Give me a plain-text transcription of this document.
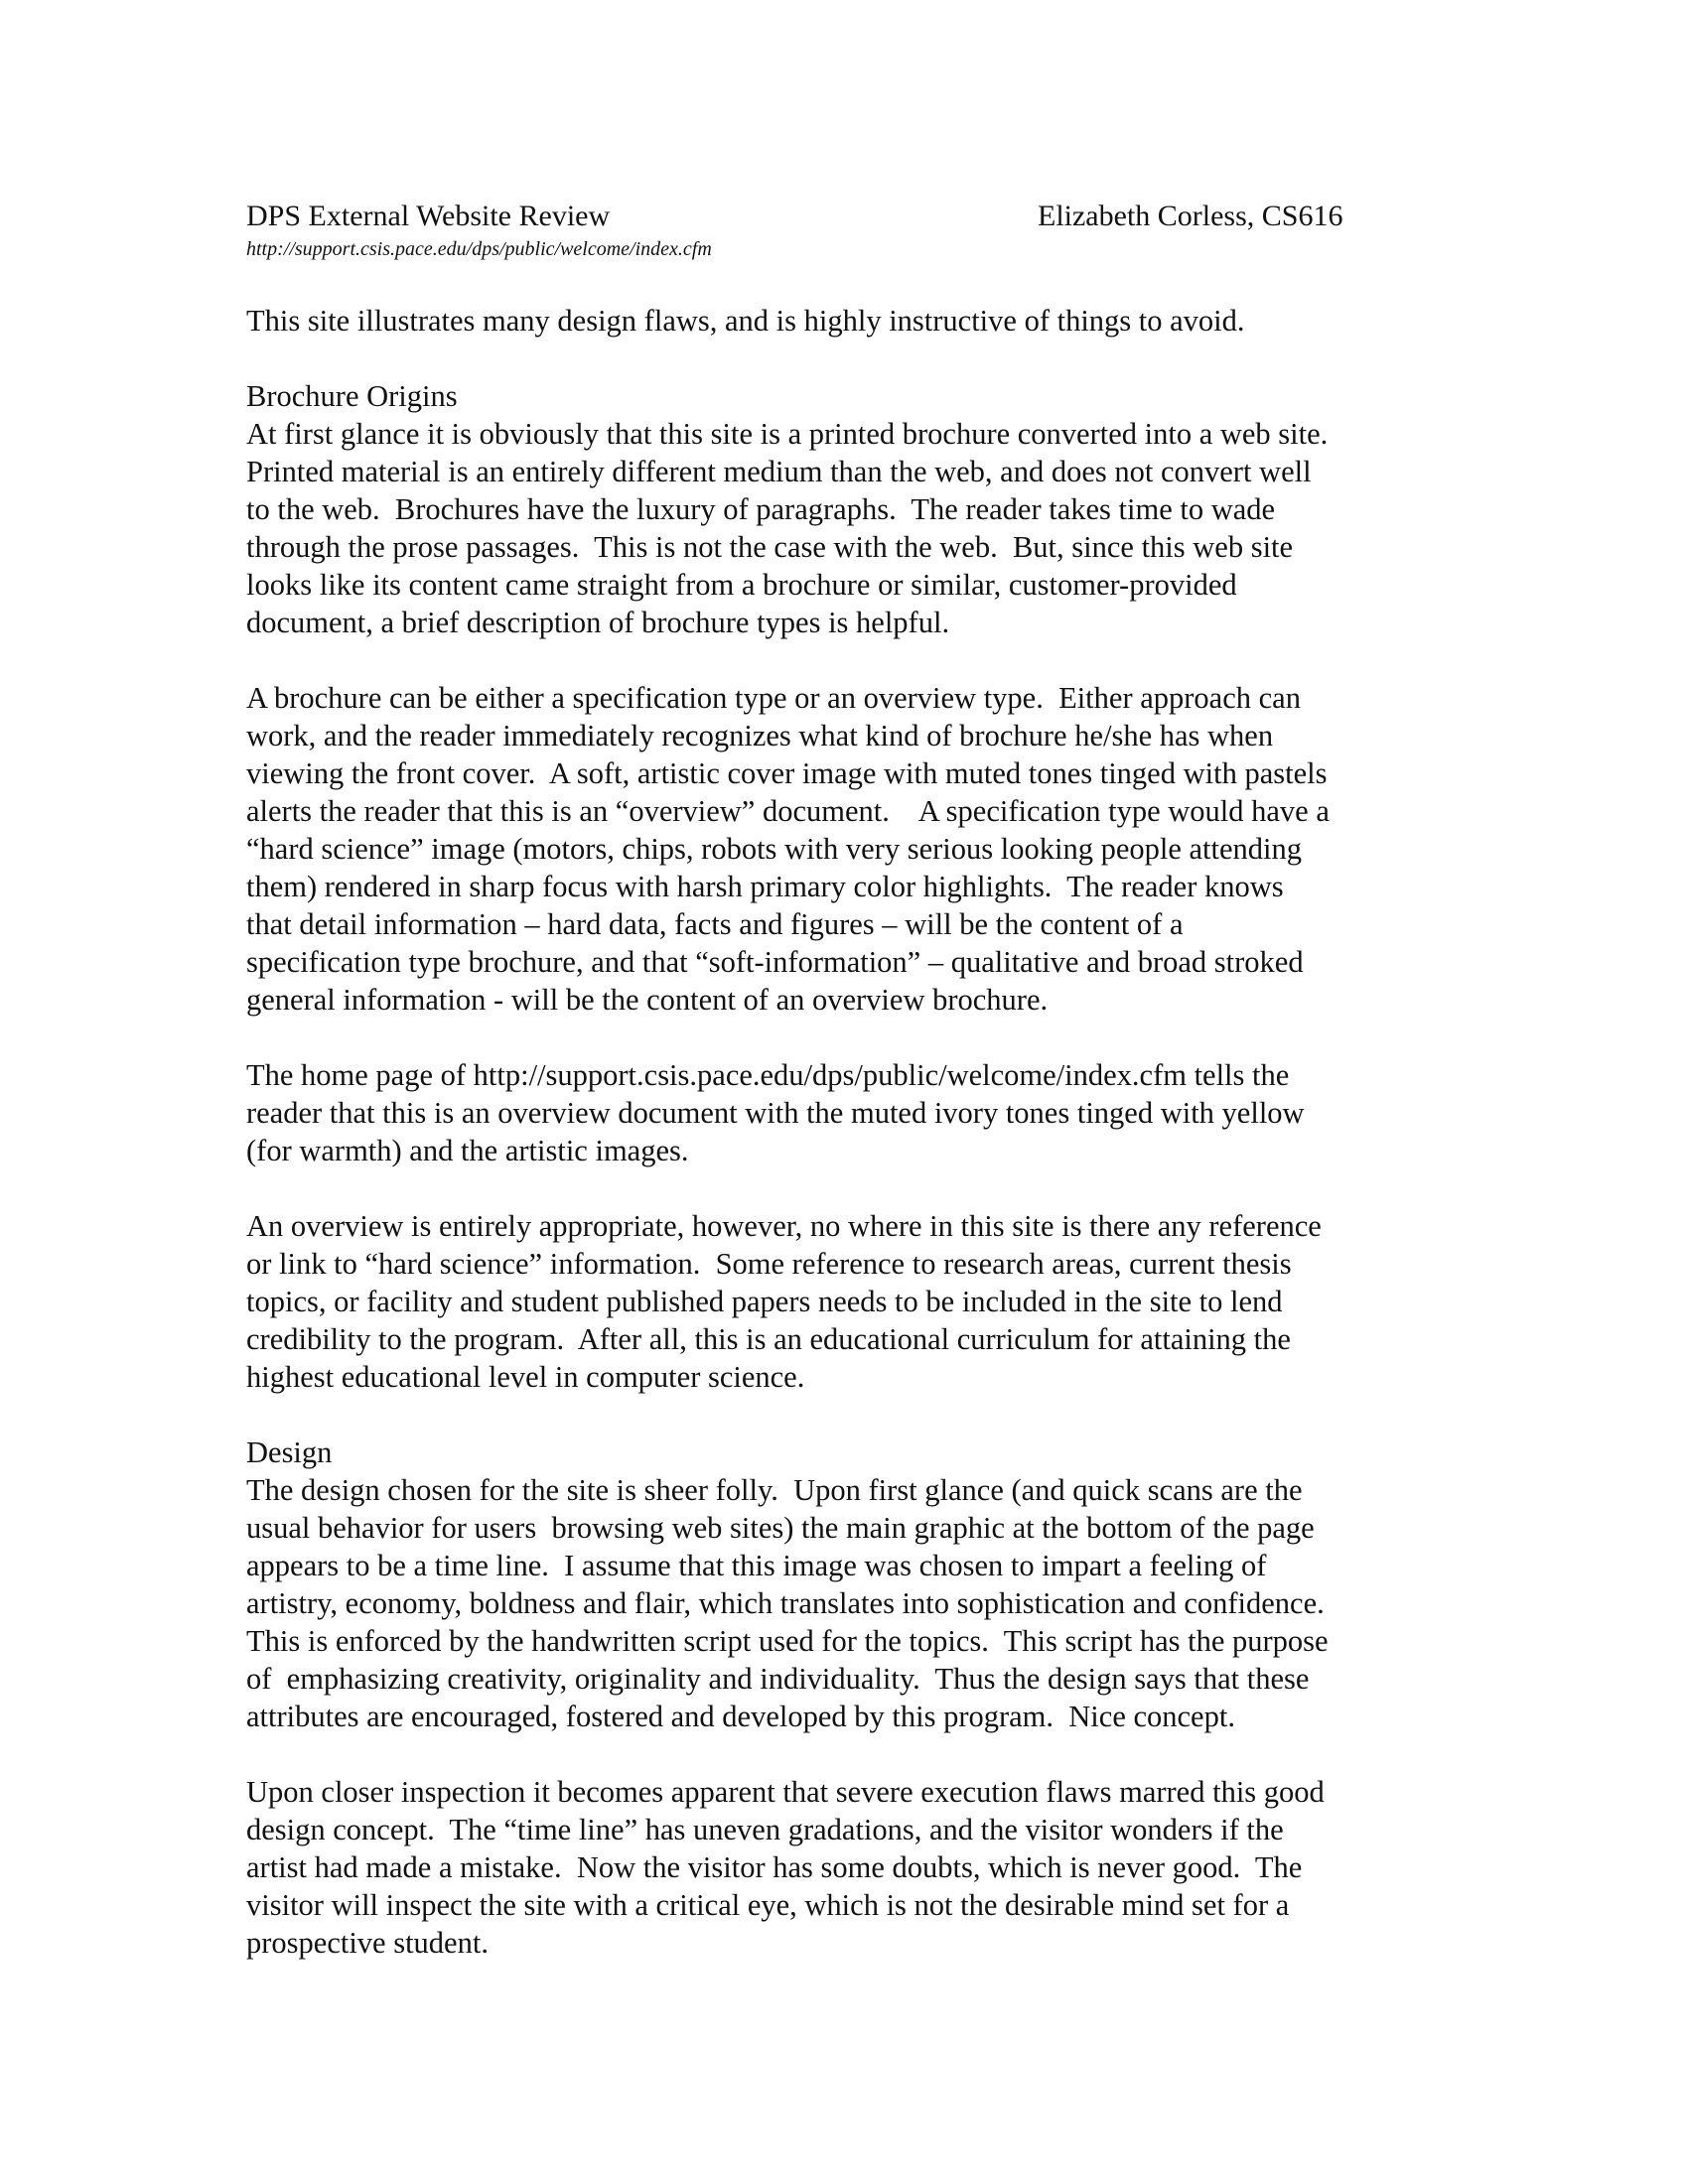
DPS External Website Review	Elizabeth Corless, CS616
http://support.csis.pace.edu/dps/public/welcome/index.cfm
This site illustrates many design flaws, and is highly instructive of things to avoid.
Brochure Origins
At first glance it is obviously that this site is a printed brochure converted into a web site.
Printed material is an entirely different medium than the web, and does not convert well
to the web.  Brochures have the luxury of paragraphs.  The reader takes time to wade
through the prose passages.  This is not the case with the web.  But, since this web site
looks like its content came straight from a brochure or similar, customer-provided
document, a brief description of brochure types is helpful.
A brochure can be either a specification type or an overview type.  Either approach can
work, and the reader immediately recognizes what kind of brochure he/she has when
viewing the front cover.  A soft, artistic cover image with muted tones tinged with pastels
alerts the reader that this is an “overview” document.    A specification type would have a
“hard science” image (motors, chips, robots with very serious looking people attending
them) rendered in sharp focus with harsh primary color highlights.  The reader knows
that detail information – hard data, facts and figures – will be the content of a
specification type brochure, and that “soft-information” – qualitative and broad stroked
general information - will be the content of an overview brochure.
The home page of http://support.csis.pace.edu/dps/public/welcome/index.cfm tells the
reader that this is an overview document with the muted ivory tones tinged with yellow
(for warmth) and the artistic images.
An overview is entirely appropriate, however, no where in this site is there any reference
or link to “hard science” information.  Some reference to research areas, current thesis
topics, or facility and student published papers needs to be included in the site to lend
credibility to the program.  After all, this is an educational curriculum for attaining the
highest educational level in computer science.
Design
The design chosen for the site is sheer folly.  Upon first glance (and quick scans are the
usual behavior for users  browsing web sites) the main graphic at the bottom of the page
appears to be a time line.  I assume that this image was chosen to impart a feeling of
artistry, economy, boldness and flair, which translates into sophistication and confidence.
This is enforced by the handwritten script used for the topics.  This script has the purpose
of  emphasizing creativity, originality and individuality.  Thus the design says that these
attributes are encouraged, fostered and developed by this program.  Nice concept.
Upon closer inspection it becomes apparent that severe execution flaws marred this good
design concept.  The “time line” has uneven gradations, and the visitor wonders if the
artist had made a mistake.  Now the visitor has some doubts, which is never good.  The
visitor will inspect the site with a critical eye, which is not the desirable mind set for a
prospective student.
